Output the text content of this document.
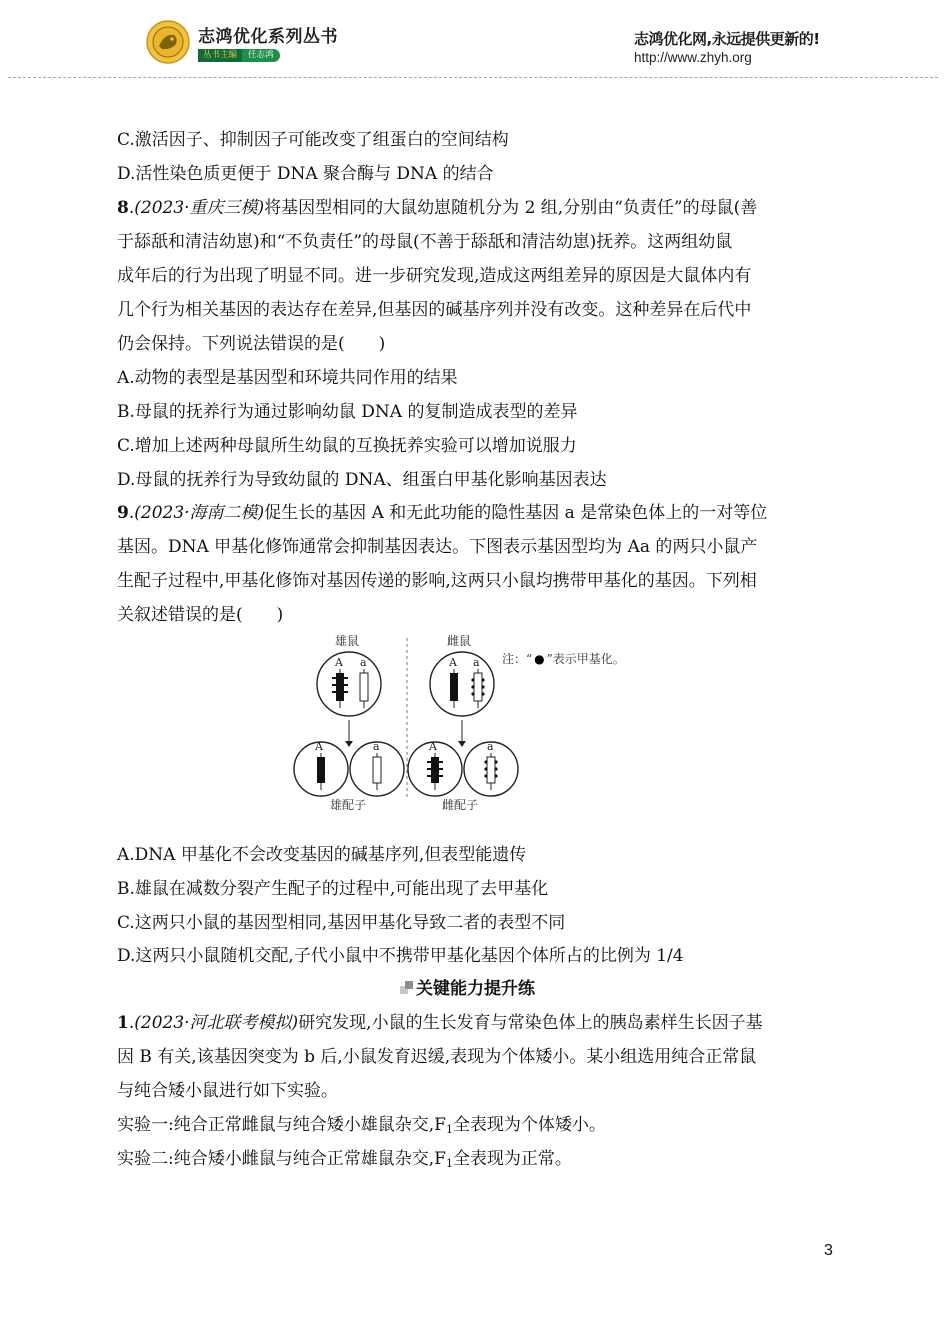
志鸿优化系列丛书
丛书主编	任志鸿
志鸿优化网,永远提供更新的!
http://www.zhyh.org
C.激活因子、抑制因子可能改变了组蛋白的空间结构
D.活性染色质更便于 DNA 聚合酶与 DNA 的结合
8.(2023·重庆三模)将基因型相同的大鼠幼崽随机分为 2 组,分别由“负责任”的母鼠(善
于舔舐和清洁幼崽)和“不负责任”的母鼠(不善于舔舐和清洁幼崽)抚养。这两组幼鼠
成年后的行为出现了明显不同。进一步研究发现,造成这两组差异的原因是大鼠体内有
几个行为相关基因的表达存在差异,但基因的碱基序列并没有改变。这种差异在后代中
仍会保持。下列说法错误的是(　　)
A.动物的表型是基因型和环境共同作用的结果
B.母鼠的抚养行为通过影响幼鼠 DNA 的复制造成表型的差异
C.增加上述两种母鼠所生幼鼠的互换抚养实验可以增加说服力
D.母鼠的抚养行为导致幼鼠的 DNA、组蛋白甲基化影响基因表达
9.(2023·海南二模)促生长的基因 A 和无此功能的隐性基因 a 是常染色体上的一对等位
基因。DNA 甲基化修饰通常会抑制基因表达。下图表示基因型均为 Aa 的两只小鼠产
生配子过程中,甲基化修饰对基因传递的影响,这两只小鼠均携带甲基化的基因。下列相
关叙述错误的是(　　)
雄鼠	雌鼠
注：“ ● ”表示甲基化。
A a	A a
A	a	A	a
雄配子	雌配子
A.DNA 甲基化不会改变基因的碱基序列,但表型能遗传
B.雄鼠在减数分裂产生配子的过程中,可能出现了去甲基化
C.这两只小鼠的基因型相同,基因甲基化导致二者的表型不同
D.这两只小鼠随机交配,子代小鼠中不携带甲基化基因个体所占的比例为 1/4
关键能力提升练
1.(2023·河北联考模拟)研究发现,小鼠的生长发育与常染色体上的胰岛素样生长因子基
因 B 有关,该基因突变为 b 后,小鼠发育迟缓,表现为个体矮小。某小组选用纯合正常鼠
与纯合矮小鼠进行如下实验。
实验一:纯合正常雌鼠与纯合矮小雄鼠杂交$,F_1$全表现为个体矮小。
实验二:纯合矮小雌鼠与纯合正常雄鼠杂交$,F_1$全表现为正常。
3
